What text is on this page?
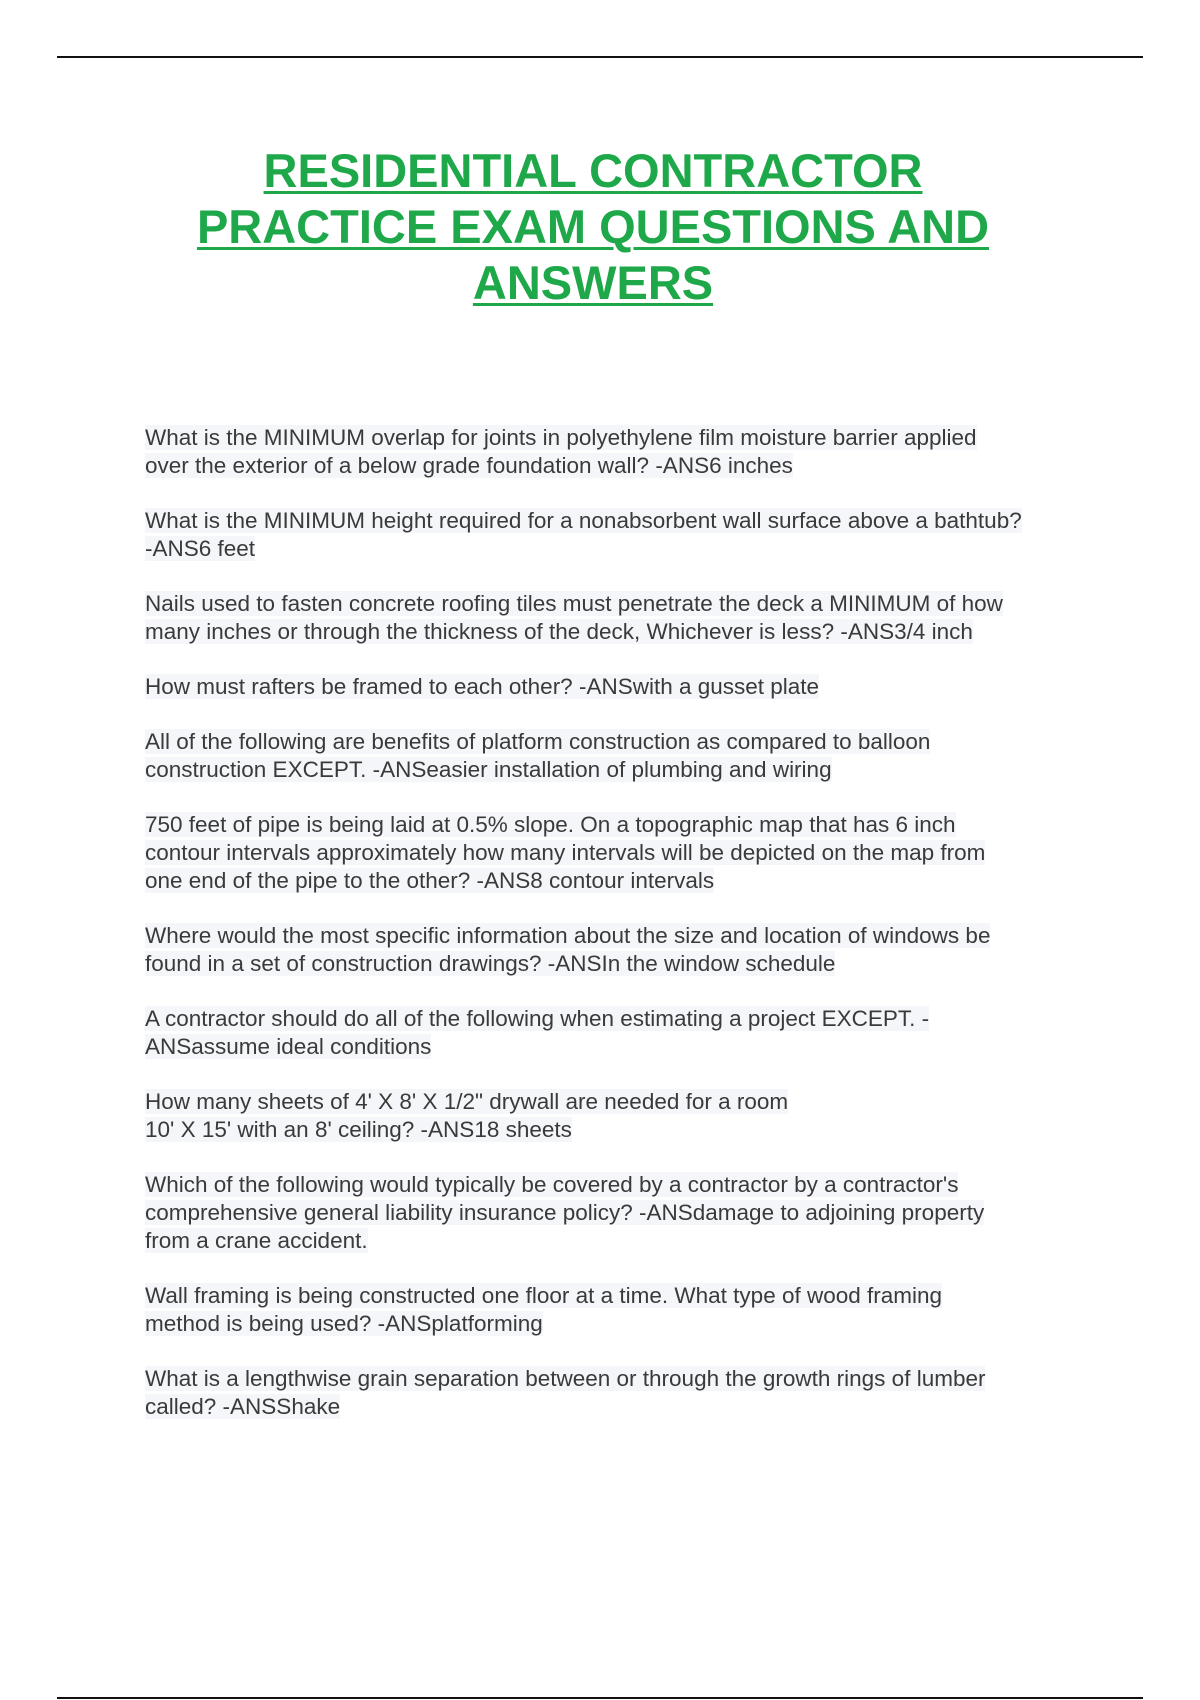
RESIDENTIAL CONTRACTOR PRACTICE EXAM QUESTIONS AND ANSWERS
What is the MINIMUM overlap for joints in polyethylene film moisture barrier applied
over the exterior of a below grade foundation wall? -ANS6 inches
What is the MINIMUM height required for a nonabsorbent wall surface above a bathtub?
-ANS6 feet
Nails used to fasten concrete roofing tiles must penetrate the deck a MINIMUM of how
many inches or through the thickness of the deck, Whichever is less? -ANS3/4 inch
How must rafters be framed to each other? -ANSwith a gusset plate
All of the following are benefits of platform construction as compared to balloon
construction EXCEPT. -ANSeasier installation of plumbing and wiring
750 feet of pipe is being laid at 0.5% slope. On a topographic map that has 6 inch
contour intervals approximately how many intervals will be depicted on the map from
one end of the pipe to the other? -ANS8 contour intervals
Where would the most specific information about the size and location of windows be
found in a set of construction drawings? -ANSIn the window schedule
A contractor should do all of the following when estimating a project EXCEPT. -
ANSassume ideal conditions
How many sheets of 4' X 8' X 1/2" drywall are needed for a room
10' X 15' with an 8' ceiling? -ANS18 sheets
Which of the following would typically be covered by a contractor by a contractor's
comprehensive general liability insurance policy? -ANSdamage to adjoining property
from a crane accident.
Wall framing is being constructed one floor at a time. What type of wood framing
method is being used? -ANSplatforming
What is a lengthwise grain separation between or through the growth rings of lumber
called? -ANSShake
